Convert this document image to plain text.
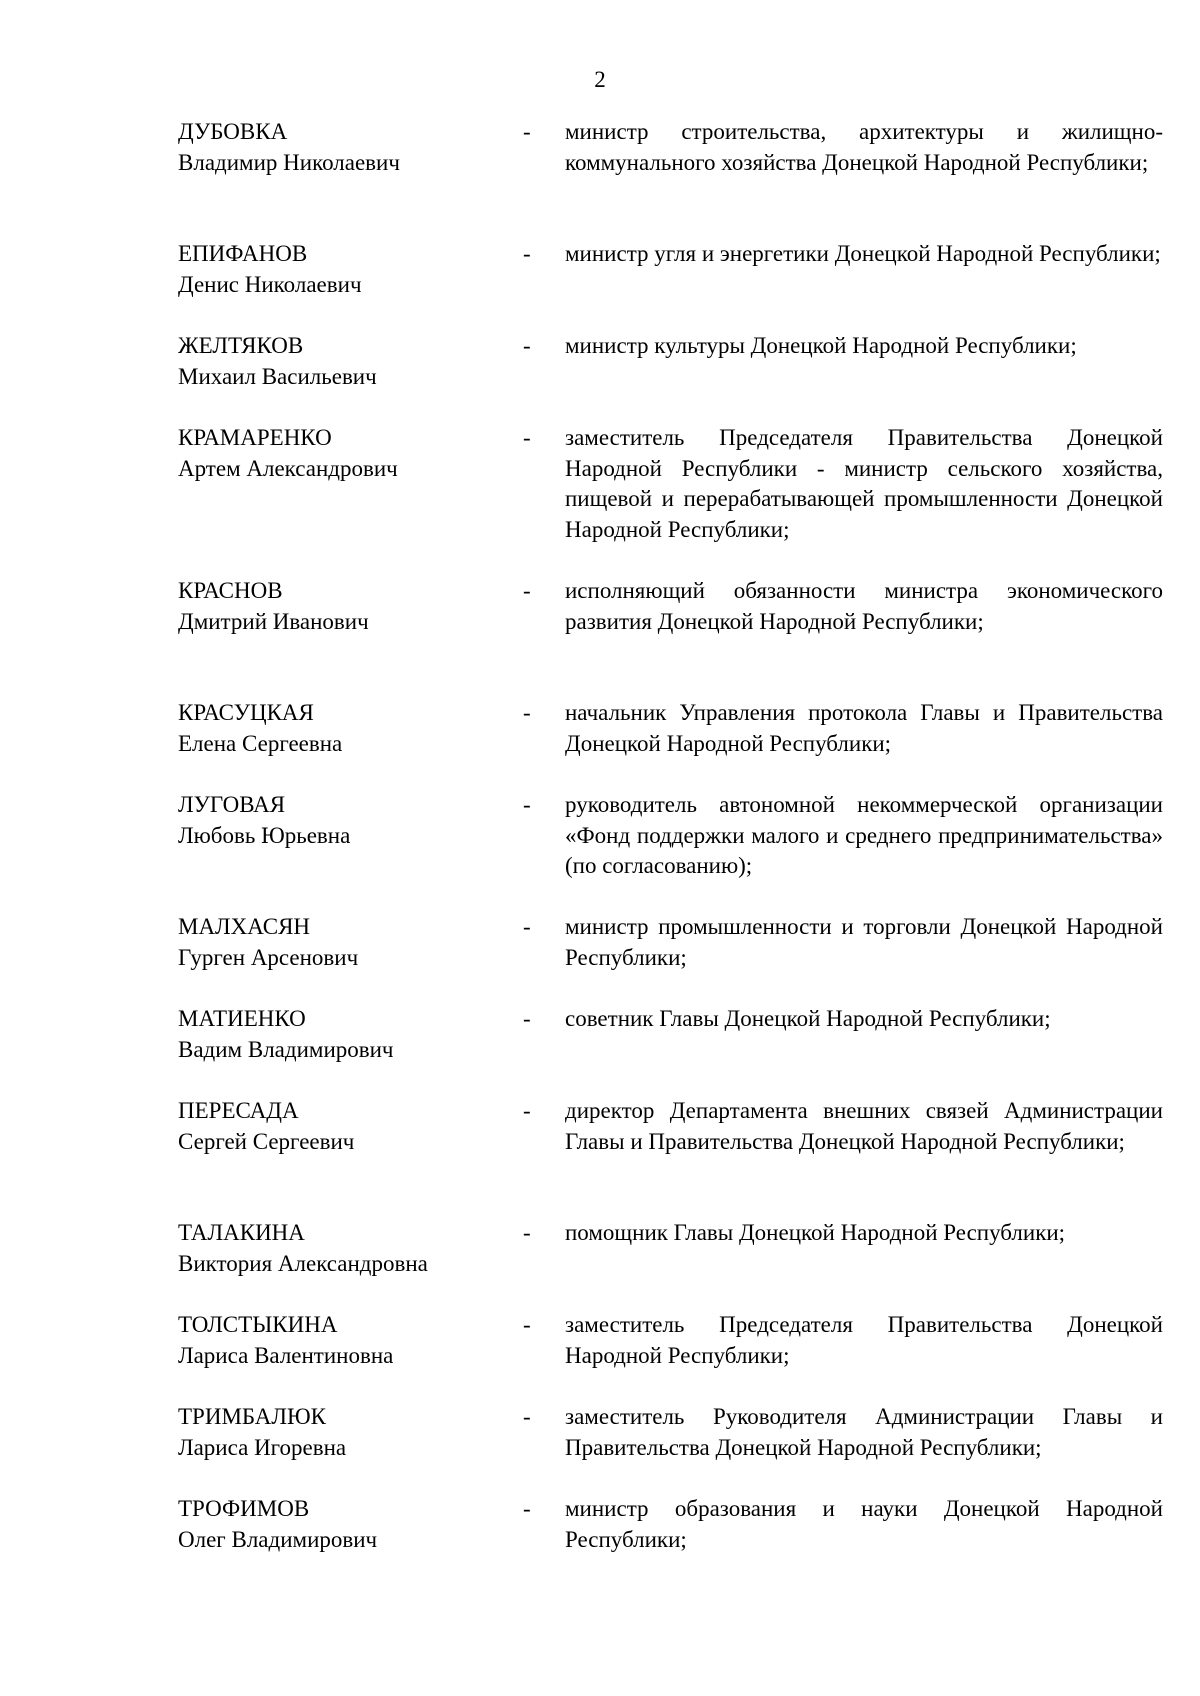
2
ДУБОВКА
Владимир Николаевич
- министр строительства, архитектуры и жилищно-коммунального хозяйства Донецкой Народной Республики;
ЕПИФАНОВ
Денис Николаевич
- министр угля и энергетики Донецкой Народной Республики;
ЖЕЛТЯКОВ
Михаил Васильевич
- министр культуры Донецкой Народной Республики;
КРАМАРЕНКО
Артем Александрович
- заместитель Председателя Правительства Донецкой Народной Республики - министр сельского хозяйства, пищевой и перерабатывающей промышленности Донецкой Народной Республики;
КРАСНОВ
Дмитрий Иванович
- исполняющий обязанности министра экономического развития Донецкой Народной Республики;
КРАСУЦКАЯ
Елена Сергеевна
- начальник Управления протокола Главы и Правительства Донецкой Народной Республики;
ЛУГОВАЯ
Любовь Юрьевна
- руководитель автономной некоммерческой организации «Фонд поддержки малого и среднего предпринимательства» (по согласованию);
МАЛХАСЯН
Гурген Арсенович
- министр промышленности и торговли Донецкой Народной Республики;
МАТИЕНКО
Вадим Владимирович
- советник Главы Донецкой Народной Республики;
ПЕРЕСАДА
Сергей Сергеевич
- директор Департамента внешних связей Администрации Главы и Правительства Донецкой Народной Республики;
ТАЛАКИНА
Виктория Александровна
- помощник Главы Донецкой Народной Республики;
ТОЛСТЫКИНА
Лариса Валентиновна
- заместитель Председателя Правительства Донецкой Народной Республики;
ТРИМБАЛЮК
Лариса Игоревна
- заместитель Руководителя Администрации Главы и Правительства Донецкой Народной Республики;
ТРОФИМОВ
Олег Владимирович
- министр образования и науки Донецкой Народной Республики;
